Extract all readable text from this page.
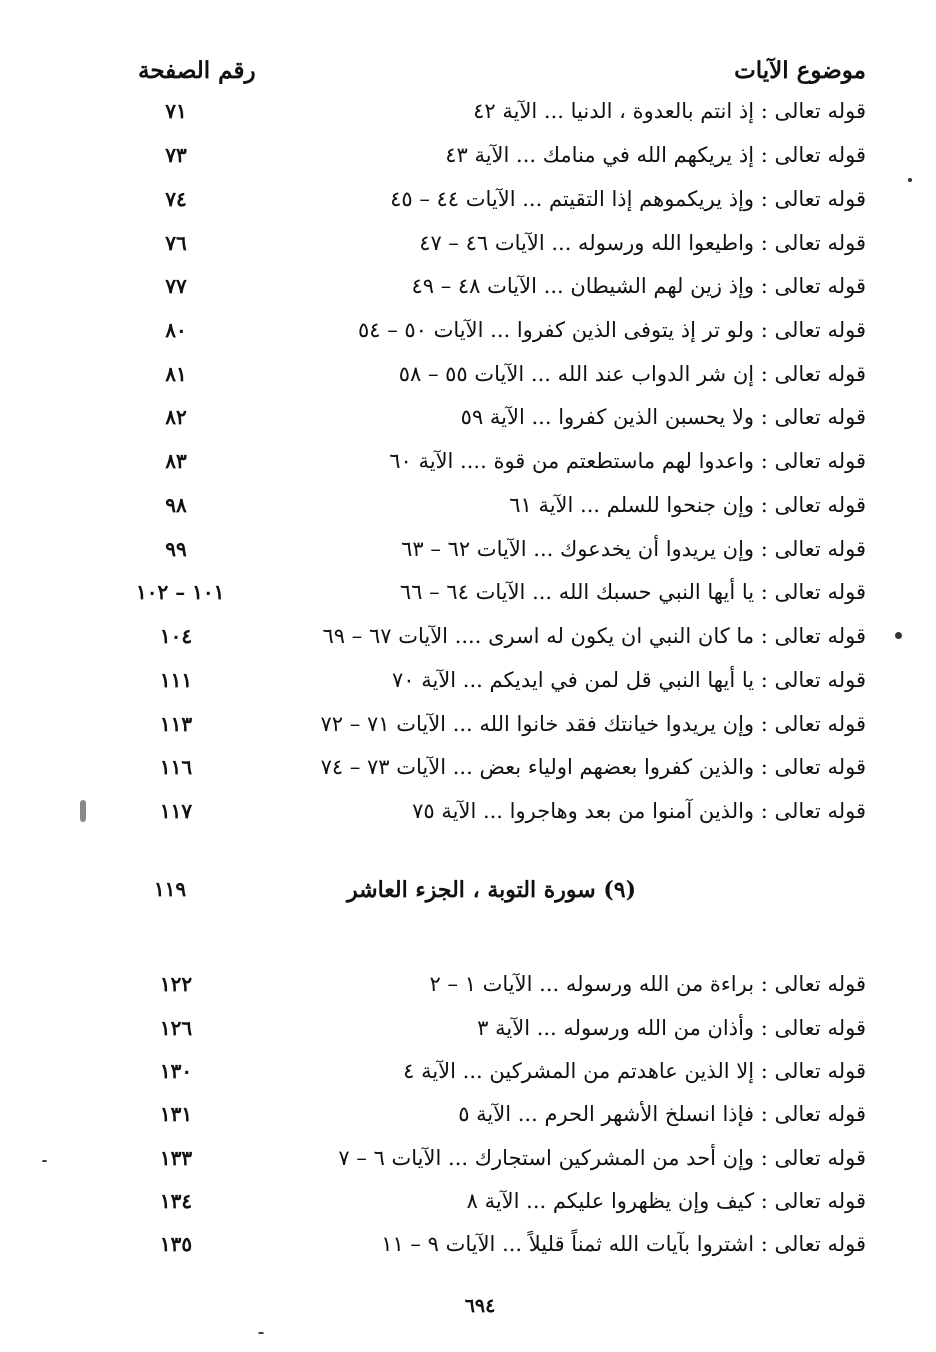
رقم الصفحة	موضوع الآيات
٧١	قوله تعالى : إذ انتم بالعدوة ، الدنيا ... الآية ٤٢
٧٣	قوله تعالى : إذ يريكهم الله في منامك ... الآية ٤٣
٧٤	قوله تعالى : وإذ يريكموهم إذا التقيتم ... الآيات ٤٤ – ٤٥
٧٦	قوله تعالى : واطيعوا الله ورسوله ... الآيات ٤٦ – ٤٧
٧٧	قوله تعالى : وإذ زين لهم الشيطان ... الآيات ٤٨ – ٤٩
٨٠	قوله تعالى : ولو تر إذ يتوفى الذين كفروا ... الآيات ٥٠ – ٥٤
٨١	قوله تعالى : إن شر الدواب عند الله ... الآيات ٥٥ – ٥٨
٨٢	قوله تعالى : ولا يحسبن الذين كفروا ... الآية ٥٩
٨٣	قوله تعالى : واعدوا لهم ماستطعتم من قوة .... الآية ٦٠
٩٨	قوله تعالى : وإن جنحوا للسلم ... الآية ٦١
٩٩	قوله تعالى : وإن يريدوا أن يخدعوك ... الآيات ٦٢ – ٦٣
١٠١ – ١٠٢	قوله تعالى : يا أيها النبي حسبك الله ... الآيات ٦٤ – ٦٦
١٠٤	قوله تعالى : ما كان النبي ان يكون له اسرى .... الآيات ٦٧ – ٦٩
١١١	قوله تعالى : يا أيها النبي قل لمن في ايديكم ... الآية ٧٠
١١٣	قوله تعالى : وإن يريدوا خيانتك فقد خانوا الله ... الآيات ٧١ – ٧٢
١١٦	قوله تعالى : والذين كفروا بعضهم اولياء بعض ... الآيات ٧٣ – ٧٤
١١٧	قوله تعالى : والذين آمنوا من بعد وهاجروا ... الآية ٧٥
١١٩	(٩) سورة التوبة ، الجزء العاشر
١٢٢	قوله تعالى : براءة من الله ورسوله ... الآيات ١ – ٢
١٢٦	قوله تعالى : وأذان من الله ورسوله ... الآية ٣
١٣٠	قوله تعالى : إلا الذين عاهدتم من المشركين ... الآية ٤
١٣١	قوله تعالى : فإذا انسلخ الأشهر الحرم ... الآية ٥
١٣٣	قوله تعالى : وإن أحد من المشركين استجارك ... الآيات ٦ – ٧
١٣٤	قوله تعالى : كيف وإن يظهروا عليكم ... الآية ٨
١٣٥	قوله تعالى : اشتروا بآيات الله ثمناً قليلاً ... الآيات ٩ – ١١
٦٩٤
